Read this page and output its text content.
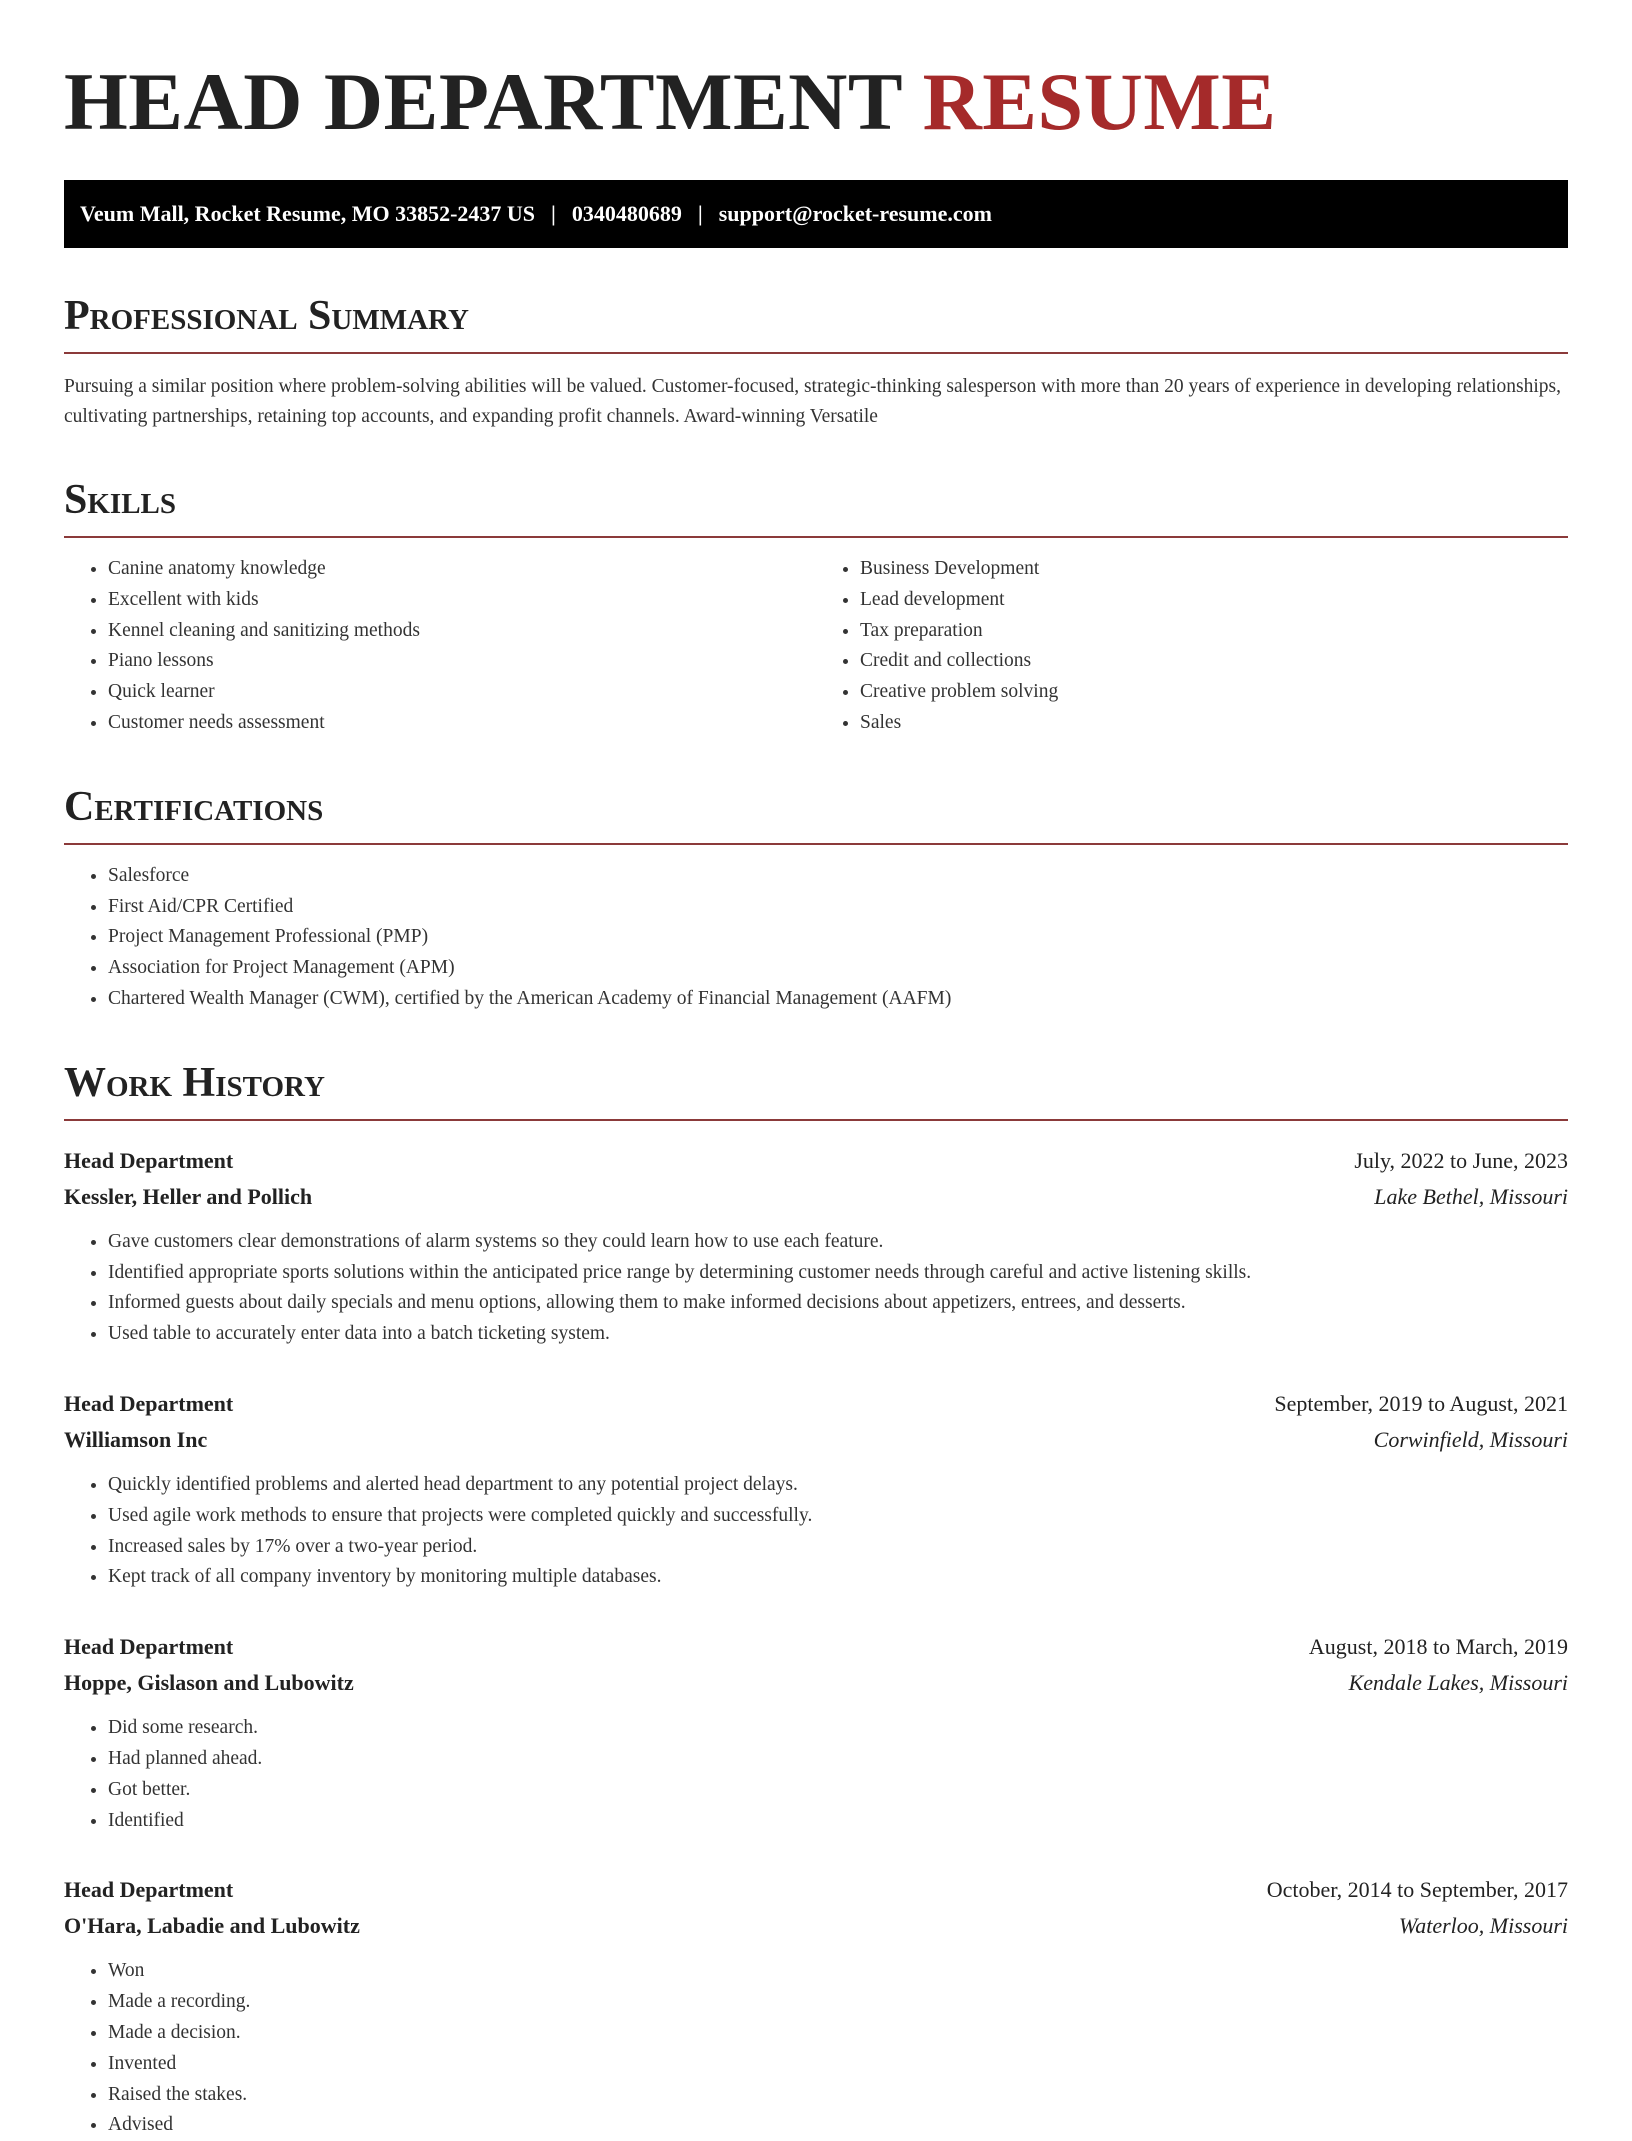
HEAD DEPARTMENT RESUME
Veum Mall, Rocket Resume, MO 33852-2437 US | 0340480689 | support@rocket-resume.com
Professional Summary

Pursuing a similar position where problem-solving abilities will be valued. Customer-focused, strategic-thinking salesperson with more than 20 years of experience in developing relationships, cultivating partnerships, retaining top accounts, and expanding profit channels. Award-winning Versatile

Skills
• Canine anatomy knowledge
• Excellent with kids
• Kennel cleaning and sanitizing methods
• Piano lessons
• Quick learner
• Customer needs assessment
• Business Development
• Lead development
• Tax preparation
• Credit and collections
• Creative problem solving
• Sales
Certifications
• Salesforce
• First Aid/CPR Certified
• Project Management Professional (PMP)
• Association for Project Management (APM)
• Chartered Wealth Manager (CWM), certified by the American Academy of Financial Management (AAFM)
Work History
Head Department	July, 2022 to June, 2023
Kessler, Heller and Pollich	Lake Bethel, Missouri
• Gave customers clear demonstrations of alarm systems so they could learn how to use each feature.
• Identified appropriate sports solutions within the anticipated price range by determining customer needs through careful and active listening skills.
• Informed guests about daily specials and menu options, allowing them to make informed decisions about appetizers, entrees, and desserts.
• Used table to accurately enter data into a batch ticketing system.
Head Department	September, 2019 to August, 2021
Williamson Inc	Corwinfield, Missouri
• Quickly identified problems and alerted head department to any potential project delays.
• Used agile work methods to ensure that projects were completed quickly and successfully.
• Increased sales by 17% over a two-year period.
• Kept track of all company inventory by monitoring multiple databases.
Head Department	August, 2018 to March, 2019
Hoppe, Gislason and Lubowitz	Kendale Lakes, Missouri
• Did some research.
• Had planned ahead.
• Got better.
• Identified
Head Department	October, 2014 to September, 2017
O'Hara, Labadie and Lubowitz	Waterloo, Missouri
• Won
• Made a recording.
• Made a decision.
• Invented
• Raised the stakes.
• Advised
